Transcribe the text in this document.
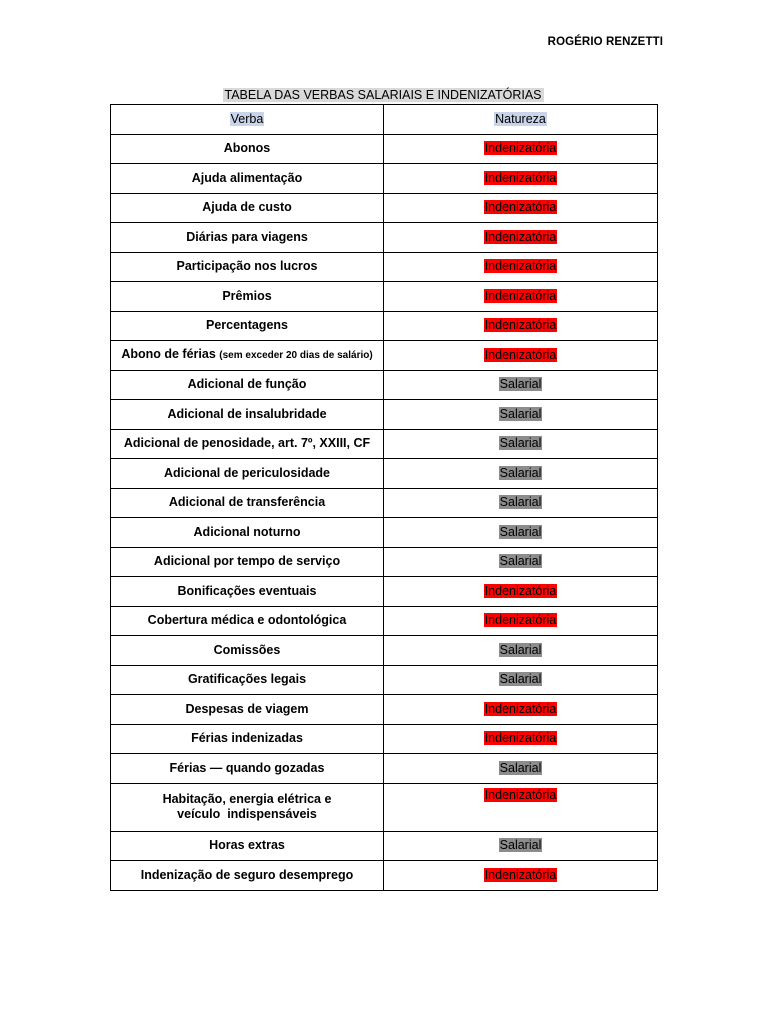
ROGÉRIO RENZETTI
TABELA DAS VERBAS SALARIAIS E INDENIZATÓRIAS
Verba	Natureza
Abonos	Indenizatória
Ajuda alimentação	Indenizatória
Ajuda de custo	Indenizatória
Diárias para viagens	Indenizatória
Participação nos lucros	Indenizatória
Prêmios	Indenizatória
Percentagens	Indenizatória
Abono de férias (sem exceder 20 dias de salário)	Indenizatória
Adicional de função	Salarial
Adicional de insalubridade	Salarial
Adicional de penosidade, art. 7º, XXIII, CF	Salarial
Adicional de periculosidade	Salarial
Adicional de transferência	Salarial
Adicional noturno	Salarial
Adicional por tempo de serviço	Salarial
Bonificações eventuais	Indenizatória
Cobertura médica e odontológica	Indenizatória
Comissões	Salarial
Gratificações legais	Salarial
Despesas de viagem	Indenizatória
Férias indenizadas	Indenizatória
Férias — quando gozadas	Salarial
Habitação, energia elétrica e
veículo  indispensáveis	Indenizatória
Horas extras	Salarial
Indenização de seguro desemprego	Indenizatória
